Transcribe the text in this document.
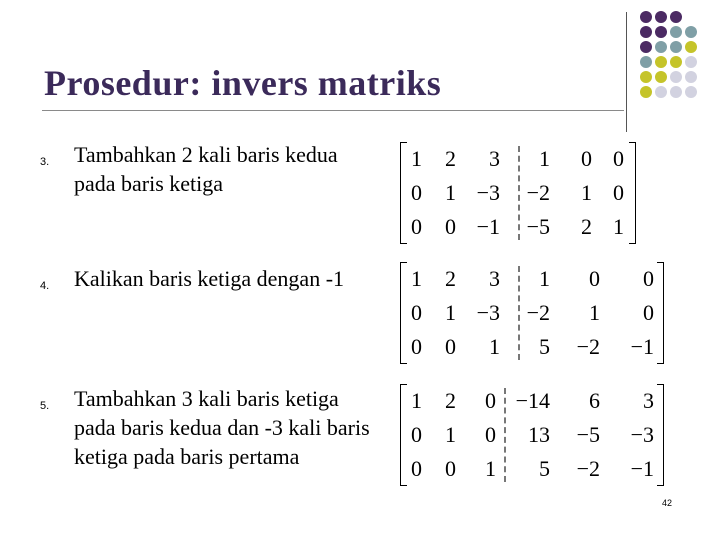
Prosedur: invers matriks
3. Tambahkan 2 kali baris kedua pada baris ketiga
1 2 3 1 0 0
0 1 −3 −2 1 0
0 0 −1 −5 2 1
4. Kalikan baris ketiga dengan -1	1 2 3 1 0 0
0 1 −3 −2 1 0
0 0 1 5 −2 −1
5. Tambahkan 3 kali baris ketiga pada baris kedua dan -3 kali baris ketiga pada baris pertama
1 2 0 −14 6 3
0 1 0 13 −5 −3
0 0 1 5 −2 −1
42
